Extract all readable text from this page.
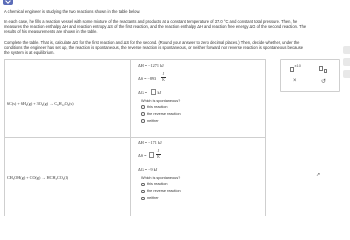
A chemical engineer is studying the two reactions shown in the table below.

In each case, he fills a reaction vessel with some mixture of the reactants and products at a constant temperature of 37.0 °C and constant total pressure. Then, he measures the reaction enthalpy ΔH and reaction entropy ΔS of the first reaction, and the reaction enthalpy ΔH and reaction free energy ΔG of the second reaction. The results of his measurements are shown in the table.

Complete the table. That is, calculate ΔG for the first reaction and ΔS for the second. (Round your answer to zero decimal places.) Then, decide whether, under the conditions the engineer has set up, the reaction is spontaneous, the reverse reaction is spontaneous, or neither forward nor reverse reaction is spontaneous because the system is at equilibrium.

6C(s) + 6H₂(g) + 3O₂(g) → C₆H₁₂O₆(s)
ΔH = −1271 kJ
ΔS = −893
J
K
ΔG = kJ
Which is spontaneous?
this reaction
the reverse reaction
neither
CH₃OH(g) + CO(g) → HCH₃CO₂(l)
ΔH = −171 kJ
ΔS =
J
K
ΔG = −9 kJ
Which is spontaneous?
this reaction
the reverse reaction
neither
x10
×	↺
↗
